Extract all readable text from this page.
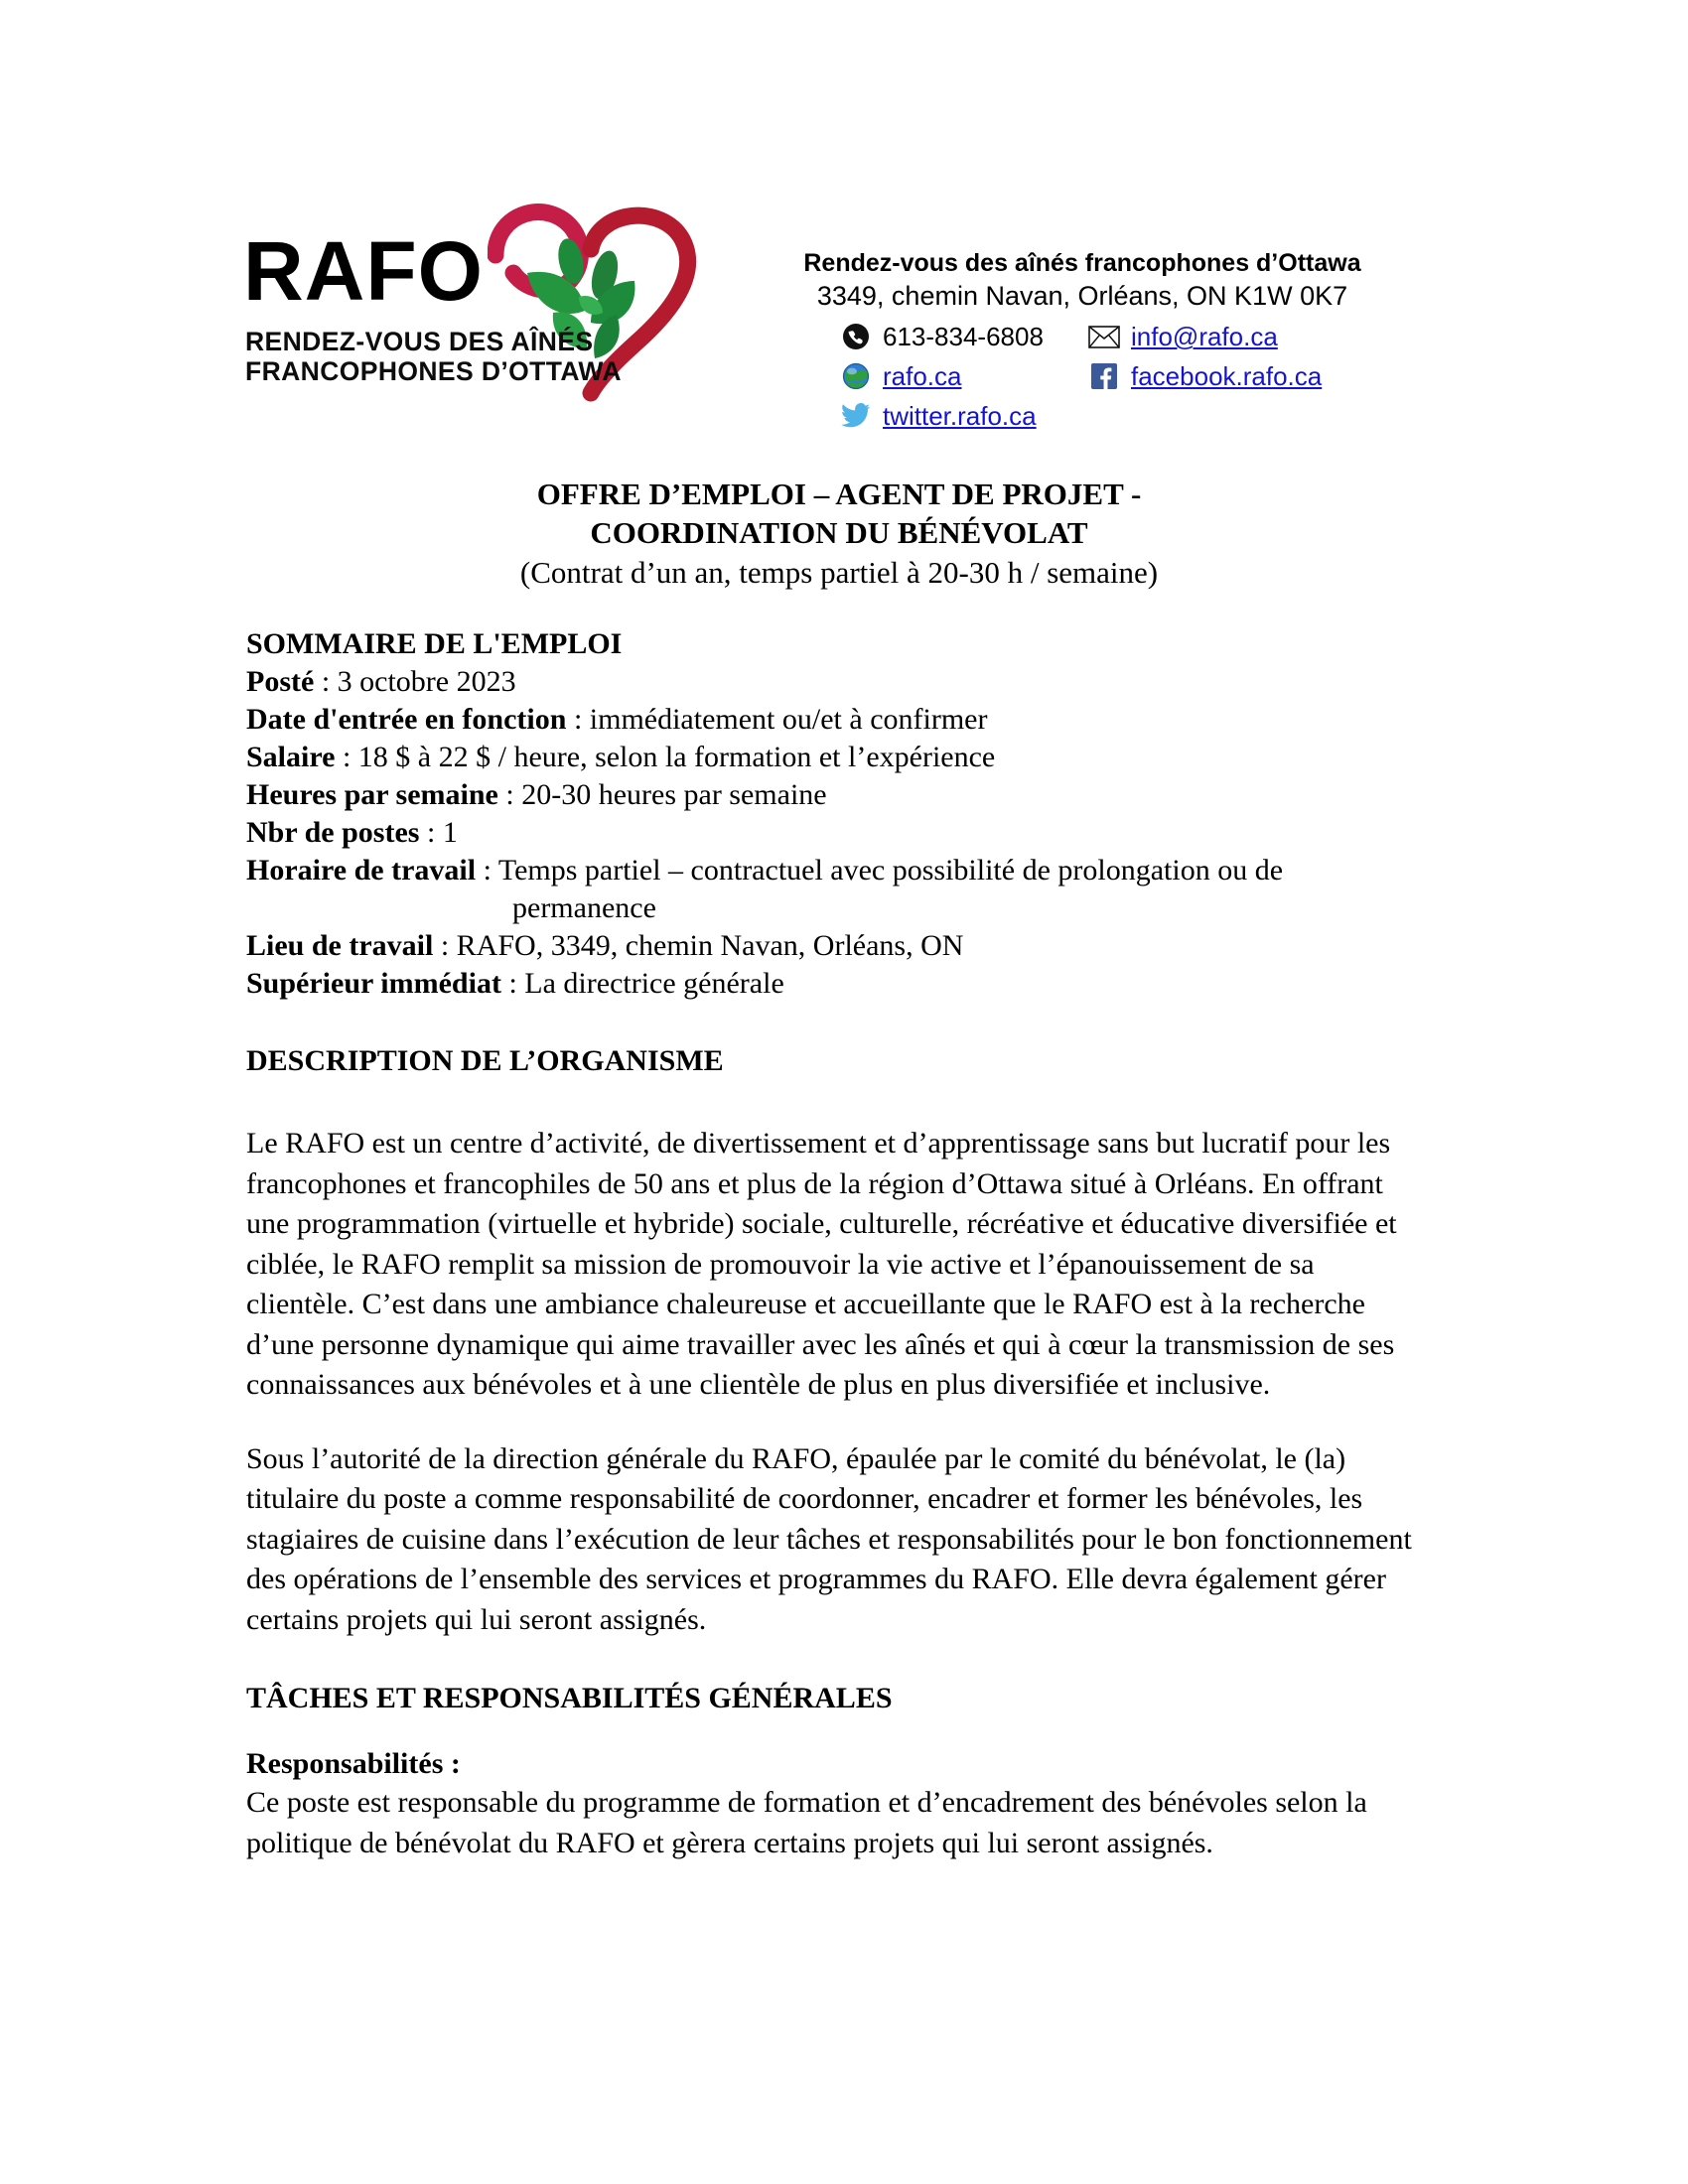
RAFO
RENDEZ-VOUS DES AÎNÉS
FRANCOPHONES D’OTTAWA
Rendez-vous des aînés francophones d’Ottawa
3349, chemin Navan, Orléans, ON K1W 0K7
613-834-6808	info@rafo.ca
rafo.ca	facebook.rafo.ca
twitter.rafo.ca
OFFRE D’EMPLOI – AGENT DE PROJET -
COORDINATION DU BÉNÉVOLAT
(Contrat d’un an, temps partiel à 20-30 h / semaine)
SOMMAIRE DE L'EMPLOI
Posté : 3 octobre 2023
Date d'entrée en fonction : immédiatement ou/et à confirmer
Salaire : 18 $ à 22 $ / heure, selon la formation et l’expérience
Heures par semaine : 20-30 heures par semaine
Nbr de postes : 1
Horaire de travail : Temps partiel – contractuel avec possibilité de prolongation ou de
permanence
Lieu de travail : RAFO, 3349, chemin Navan, Orléans, ON
Supérieur immédiat : La directrice générale
DESCRIPTION DE L’ORGANISME
Le RAFO est un centre d’activité, de divertissement et d’apprentissage sans but lucratif pour les francophones et francophiles de 50 ans et plus de la région d’Ottawa situé à Orléans. En offrant une programmation (virtuelle et hybride) sociale, culturelle, récréative et éducative diversifiée et ciblée, le RAFO remplit sa mission de promouvoir la vie active et l’épanouissement de sa clientèle. C’est dans une ambiance chaleureuse et accueillante que le RAFO est à la recherche d’une personne dynamique qui aime travailler avec les aînés et qui à cœur la transmission de ses connaissances aux bénévoles et à une clientèle de plus en plus diversifiée et inclusive.
Sous l’autorité de la direction générale du RAFO, épaulée par le comité du bénévolat, le (la) titulaire du poste a comme responsabilité de coordonner, encadrer et former les bénévoles, les stagiaires de cuisine dans l’exécution de leur tâches et responsabilités pour le bon fonctionnement des opérations de l’ensemble des services et programmes du RAFO. Elle devra également gérer certains projets qui lui seront assignés.
TÂCHES ET RESPONSABILITÉS GÉNÉRALES
Responsabilités :
Ce poste est responsable du programme de formation et d’encadrement des bénévoles selon la politique de bénévolat du RAFO et gèrera certains projets qui lui seront assignés.
